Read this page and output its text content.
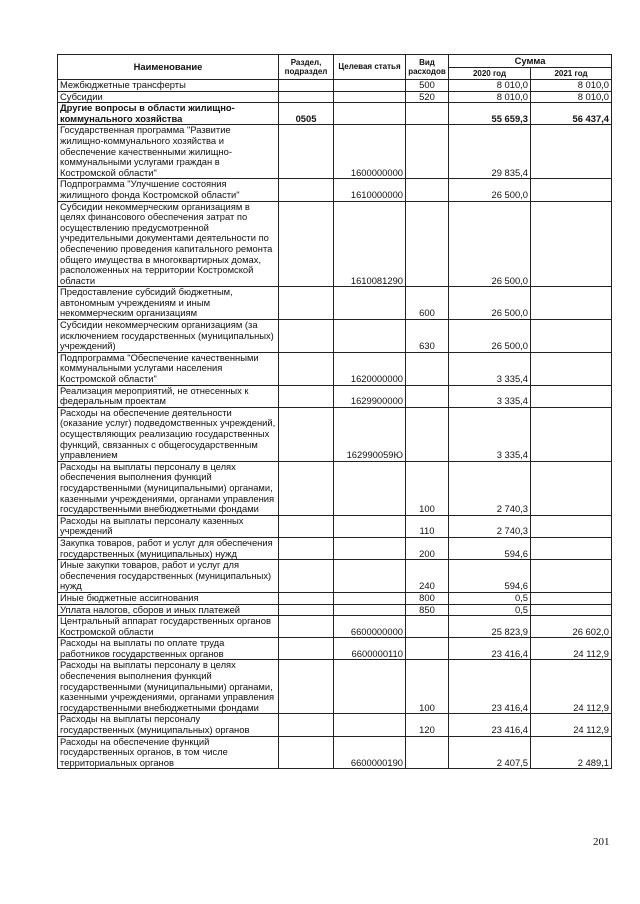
Наименование	Раздел, подраздел	Целевая статья	Вид расходов	Сумма	
				2020 год	2021 год
Межбюджетные трансферты			500	8 010,0	8 010,0
Субсидии			520	8 010,0	8 010,0
Другие вопросы в области жилищно-коммунального хозяйства	0505			55 659,3	56 437,4
Государственная программа "Развитие жилищно-коммунального хозяйства и обеспечение качественными жилищно-коммунальными услугами граждан в Костромской области"		1600000000		29 835,4	
Подпрограмма "Улучшение состояния жилищного фонда Костромской области"		1610000000		26 500,0	
Субсидии некоммерческим организациям в целях финансового обеспечения затрат по осуществлению предусмотренной учредительными документами деятельности по обеспечению проведения капитального ремонта общего имущества в многоквартирных домах, расположенных на территории Костромской области		1610081290		26 500,0	
Предоставление субсидий бюджетным, автономным учреждениям и иным некоммерческим организациям			600	26 500,0	
Субсидии некоммерческим организациям (за исключением государственных (муниципальных) учреждений)			630	26 500,0	
Подпрограмма "Обеспечение качественными коммунальными услугами населения Костромской области"		1620000000		3 335,4	
Реализация мероприятий, не отнесенных к федеральным проектам		1629900000		3 335,4	
Расходы на обеспечение деятельности (оказание услуг) подведомственных учреждений, осуществляющих реализацию государственных функций, связанных с общегосударственным управлением		162990059Ю		3 335,4	
Расходы на выплаты персоналу в целях обеспечения выполнения функций государственными (муниципальными) органами, казенными учреждениями, органами управления государственными внебюджетными фондами			100	2 740,3	
Расходы на выплаты персоналу казенных учреждений			110	2 740,3	
Закупка товаров, работ и услуг для обеспечения государственных (муниципальных) нужд			200	594,6	
Иные закупки товаров, работ и услуг для обеспечения государственных (муниципальных) нужд			240	594,6	
Иные бюджетные ассигнования			800	0,5	
Уплата налогов, сборов и иных платежей			850	0,5	
Центральный аппарат государственных органов Костромской области		6600000000		25 823,9	26 602,0
Расходы на выплаты по оплате труда работников государственных органов		6600000110		23 416,4	24 112,9
Расходы на выплаты персоналу в целях обеспечения выполнения функций государственными (муниципальными) органами, казенными учреждениями, органами управления государственными внебюджетными фондами			100	23 416,4	24 112,9
Расходы на выплаты персоналу государственных (муниципальных) органов			120	23 416,4	24 112,9
Расходы на обеспечение функций государственных органов, в том числе территориальных органов		6600000190		2 407,5	2 489,1
201
